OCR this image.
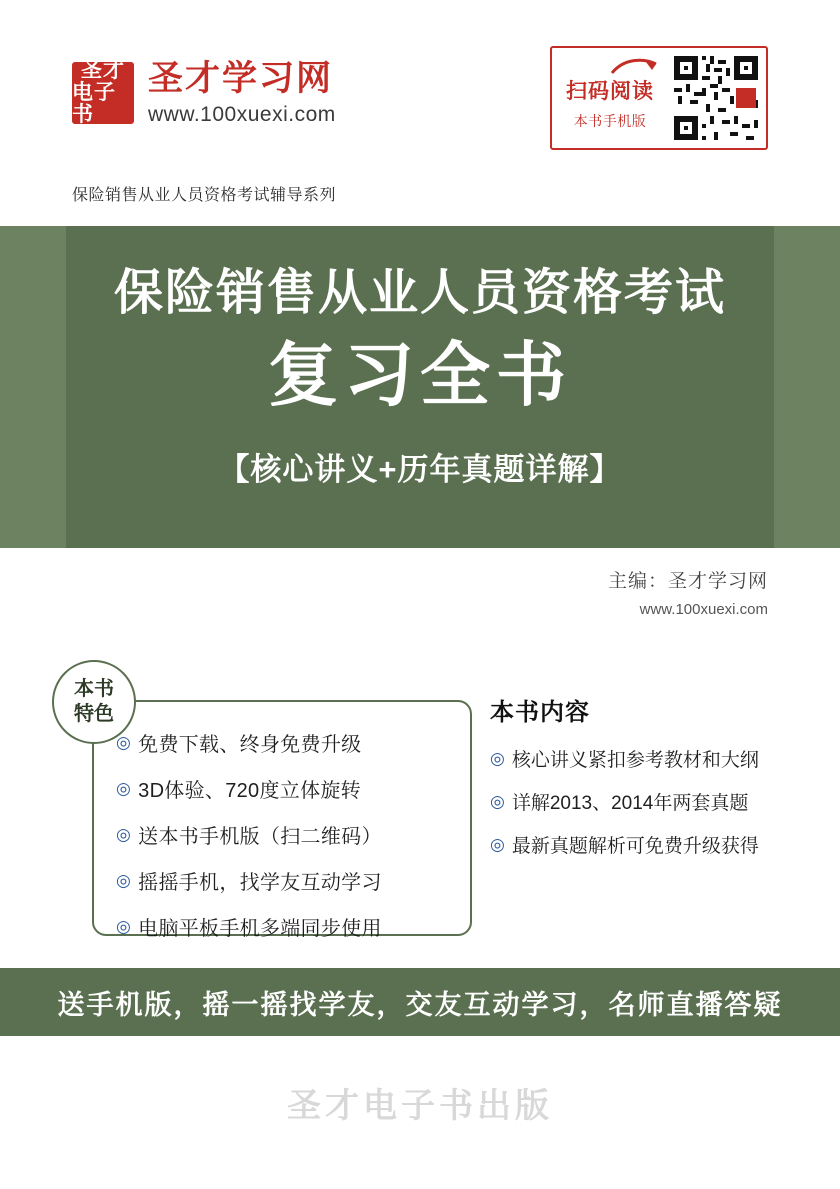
圣才
电子书
圣才学习网
www.100xuexi.com
扫码阅读
本书手机版
保险销售从业人员资格考试辅导系列
保险销售从业人员资格考试
复习全书
【核心讲义+历年真题详解】
主编：圣才学习网
www.100xuexi.com
本书
特色
◎ 免费下载、终身免费升级
◎ 3D体验、720度立体旋转
◎ 送本书手机版（扫二维码）
◎ 摇摇手机，找学友互动学习
◎ 电脑平板手机多端同步使用
本书内容
◎ 核心讲义紧扣参考教材和大纲
◎ 详解2013、2014年两套真题
◎ 最新真题解析可免费升级获得
送手机版，摇一摇找学友，交友互动学习，名师直播答疑
圣才电子书出版
